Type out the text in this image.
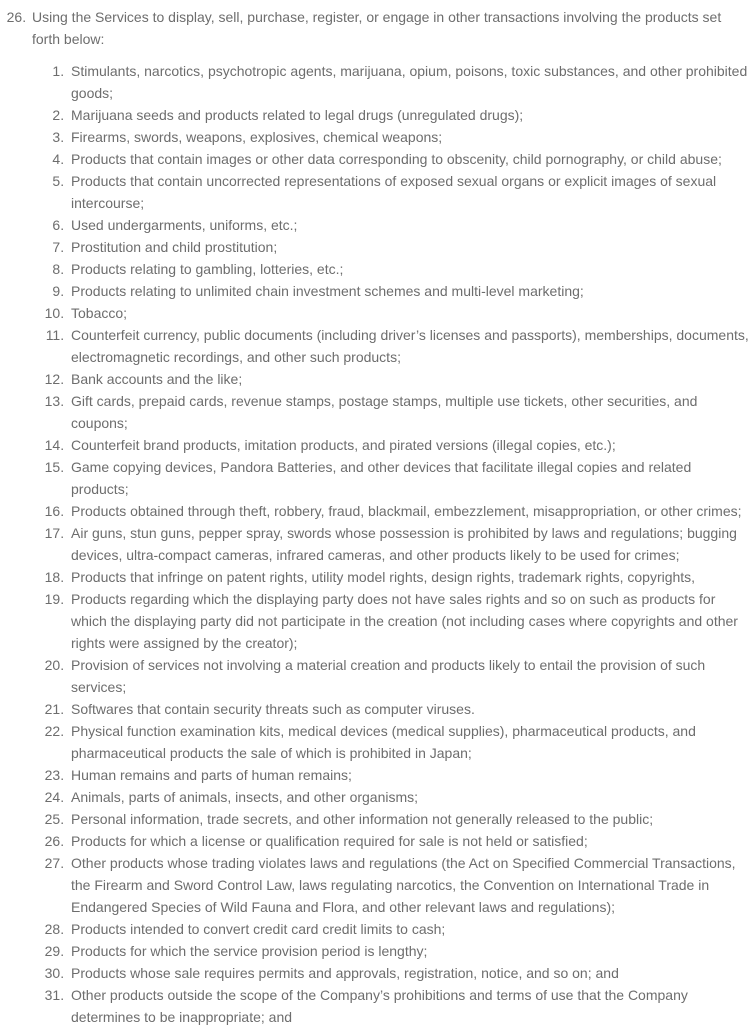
26. Using the Services to display, sell, purchase, register, or engage in other transactions involving the products set forth below:
1. Stimulants, narcotics, psychotropic agents, marijuana, opium, poisons, toxic substances, and other prohibited goods;
2. Marijuana seeds and products related to legal drugs (unregulated drugs);
3. Firearms, swords, weapons, explosives, chemical weapons;
4. Products that contain images or other data corresponding to obscenity, child pornography, or child abuse;
5. Products that contain uncorrected representations of exposed sexual organs or explicit images of sexual intercourse;
6. Used undergarments, uniforms, etc.;
7. Prostitution and child prostitution;
8. Products relating to gambling, lotteries, etc.;
9. Products relating to unlimited chain investment schemes and multi-level marketing;
10. Tobacco;
11. Counterfeit currency, public documents (including driver’s licenses and passports), memberships, documents, electromagnetic recordings, and other such products;
12. Bank accounts and the like;
13. Gift cards, prepaid cards, revenue stamps, postage stamps, multiple use tickets, other securities, and coupons;
14. Counterfeit brand products, imitation products, and pirated versions (illegal copies, etc.);
15. Game copying devices, Pandora Batteries, and other devices that facilitate illegal copies and related products;
16. Products obtained through theft, robbery, fraud, blackmail, embezzlement, misappropriation, or other crimes;
17. Air guns, stun guns, pepper spray, swords whose possession is prohibited by laws and regulations; bugging devices, ultra-compact cameras, infrared cameras, and other products likely to be used for crimes;
18. Products that infringe on patent rights, utility model rights, design rights, trademark rights, copyrights,
19. Products regarding which the displaying party does not have sales rights and so on such as products for which the displaying party did not participate in the creation (not including cases where copyrights and other rights were assigned by the creator);
20. Provision of services not involving a material creation and products likely to entail the provision of such services;
21. Softwares that contain security threats such as computer viruses.
22. Physical function examination kits, medical devices (medical supplies), pharmaceutical products, and pharmaceutical products the sale of which is prohibited in Japan;
23. Human remains and parts of human remains;
24. Animals, parts of animals, insects, and other organisms;
25. Personal information, trade secrets, and other information not generally released to the public;
26. Products for which a license or qualification required for sale is not held or satisfied;
27. Other products whose trading violates laws and regulations (the Act on Specified Commercial Transactions, the Firearm and Sword Control Law, laws regulating narcotics, the Convention on International Trade in Endangered Species of Wild Fauna and Flora, and other relevant laws and regulations);
28. Products intended to convert credit card credit limits to cash;
29. Products for which the service provision period is lengthy;
30. Products whose sale requires permits and approvals, registration, notice, and so on; and
31. Other products outside the scope of the Company’s prohibitions and terms of use that the Company determines to be inappropriate; and
